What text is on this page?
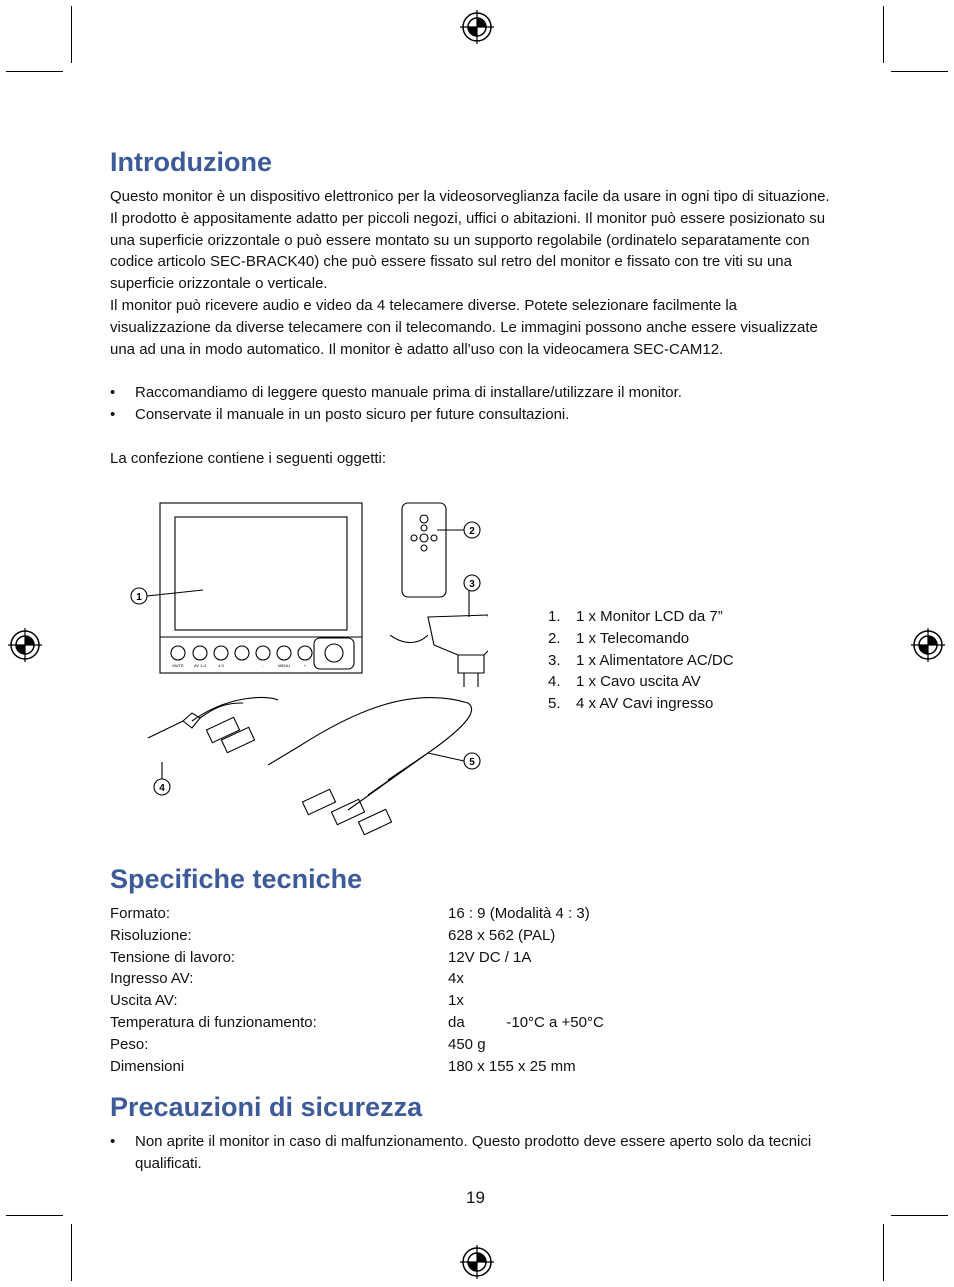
Introduzione

Questo monitor è un dispositivo elettronico per la videosorveglianza facile da usare in ogni tipo di situazione. Il prodotto è appositamente adatto per piccoli negozi, uffici o abitazioni. Il monitor può essere posizionato su una superficie orizzontale o può essere montato su un supporto regolabile (ordinatelo separatamente con codice articolo SEC-BRACK40) che può essere fissato sul retro del monitor e fissato con tre viti su una superficie orizzontale o verticale.

Il monitor può ricevere audio e video da 4 telecamere diverse. Potete selezionare facilmente la visualizzazione da diverse telecamere con il telecomando. Le immagini possono anche essere visualizzate una ad una in modo automatico. Il monitor è adatto all'uso con la videocamera SEC-CAM12.

• Raccomandiamo di leggere questo manuale prima di installare/utilizzare il monitor.
• Conservate il manuale in un posto sicuro per future consultazioni.

La confezione contiene i seguenti oggetti:

1
2
3
4
5
MUTE	AV 1-4	4:3	-	MENU	+
1. 1 x Monitor LCD da 7”
2. 1 x Telecomando
3. 1 x Alimentatore AC/DC
4. 1 x Cavo uscita AV
5. 4 x AV Cavi ingresso
Specifiche tecniche
Formato:	16 : 9 (Modalità 4 : 3)
Risoluzione:	628 x 562 (PAL)
Tensione di lavoro:	12V DC / 1A
Ingresso AV:	4x
Uscita AV:	1x
Temperatura di funzionamento:	da          -10°C a +50°C
Peso:	450 g
Dimensioni	180 x 155 x 25 mm
Precauzioni di sicurezza
• Non aprite il monitor in caso di malfunzionamento. Questo prodotto deve essere aperto solo da tecnici qualificati.
19
